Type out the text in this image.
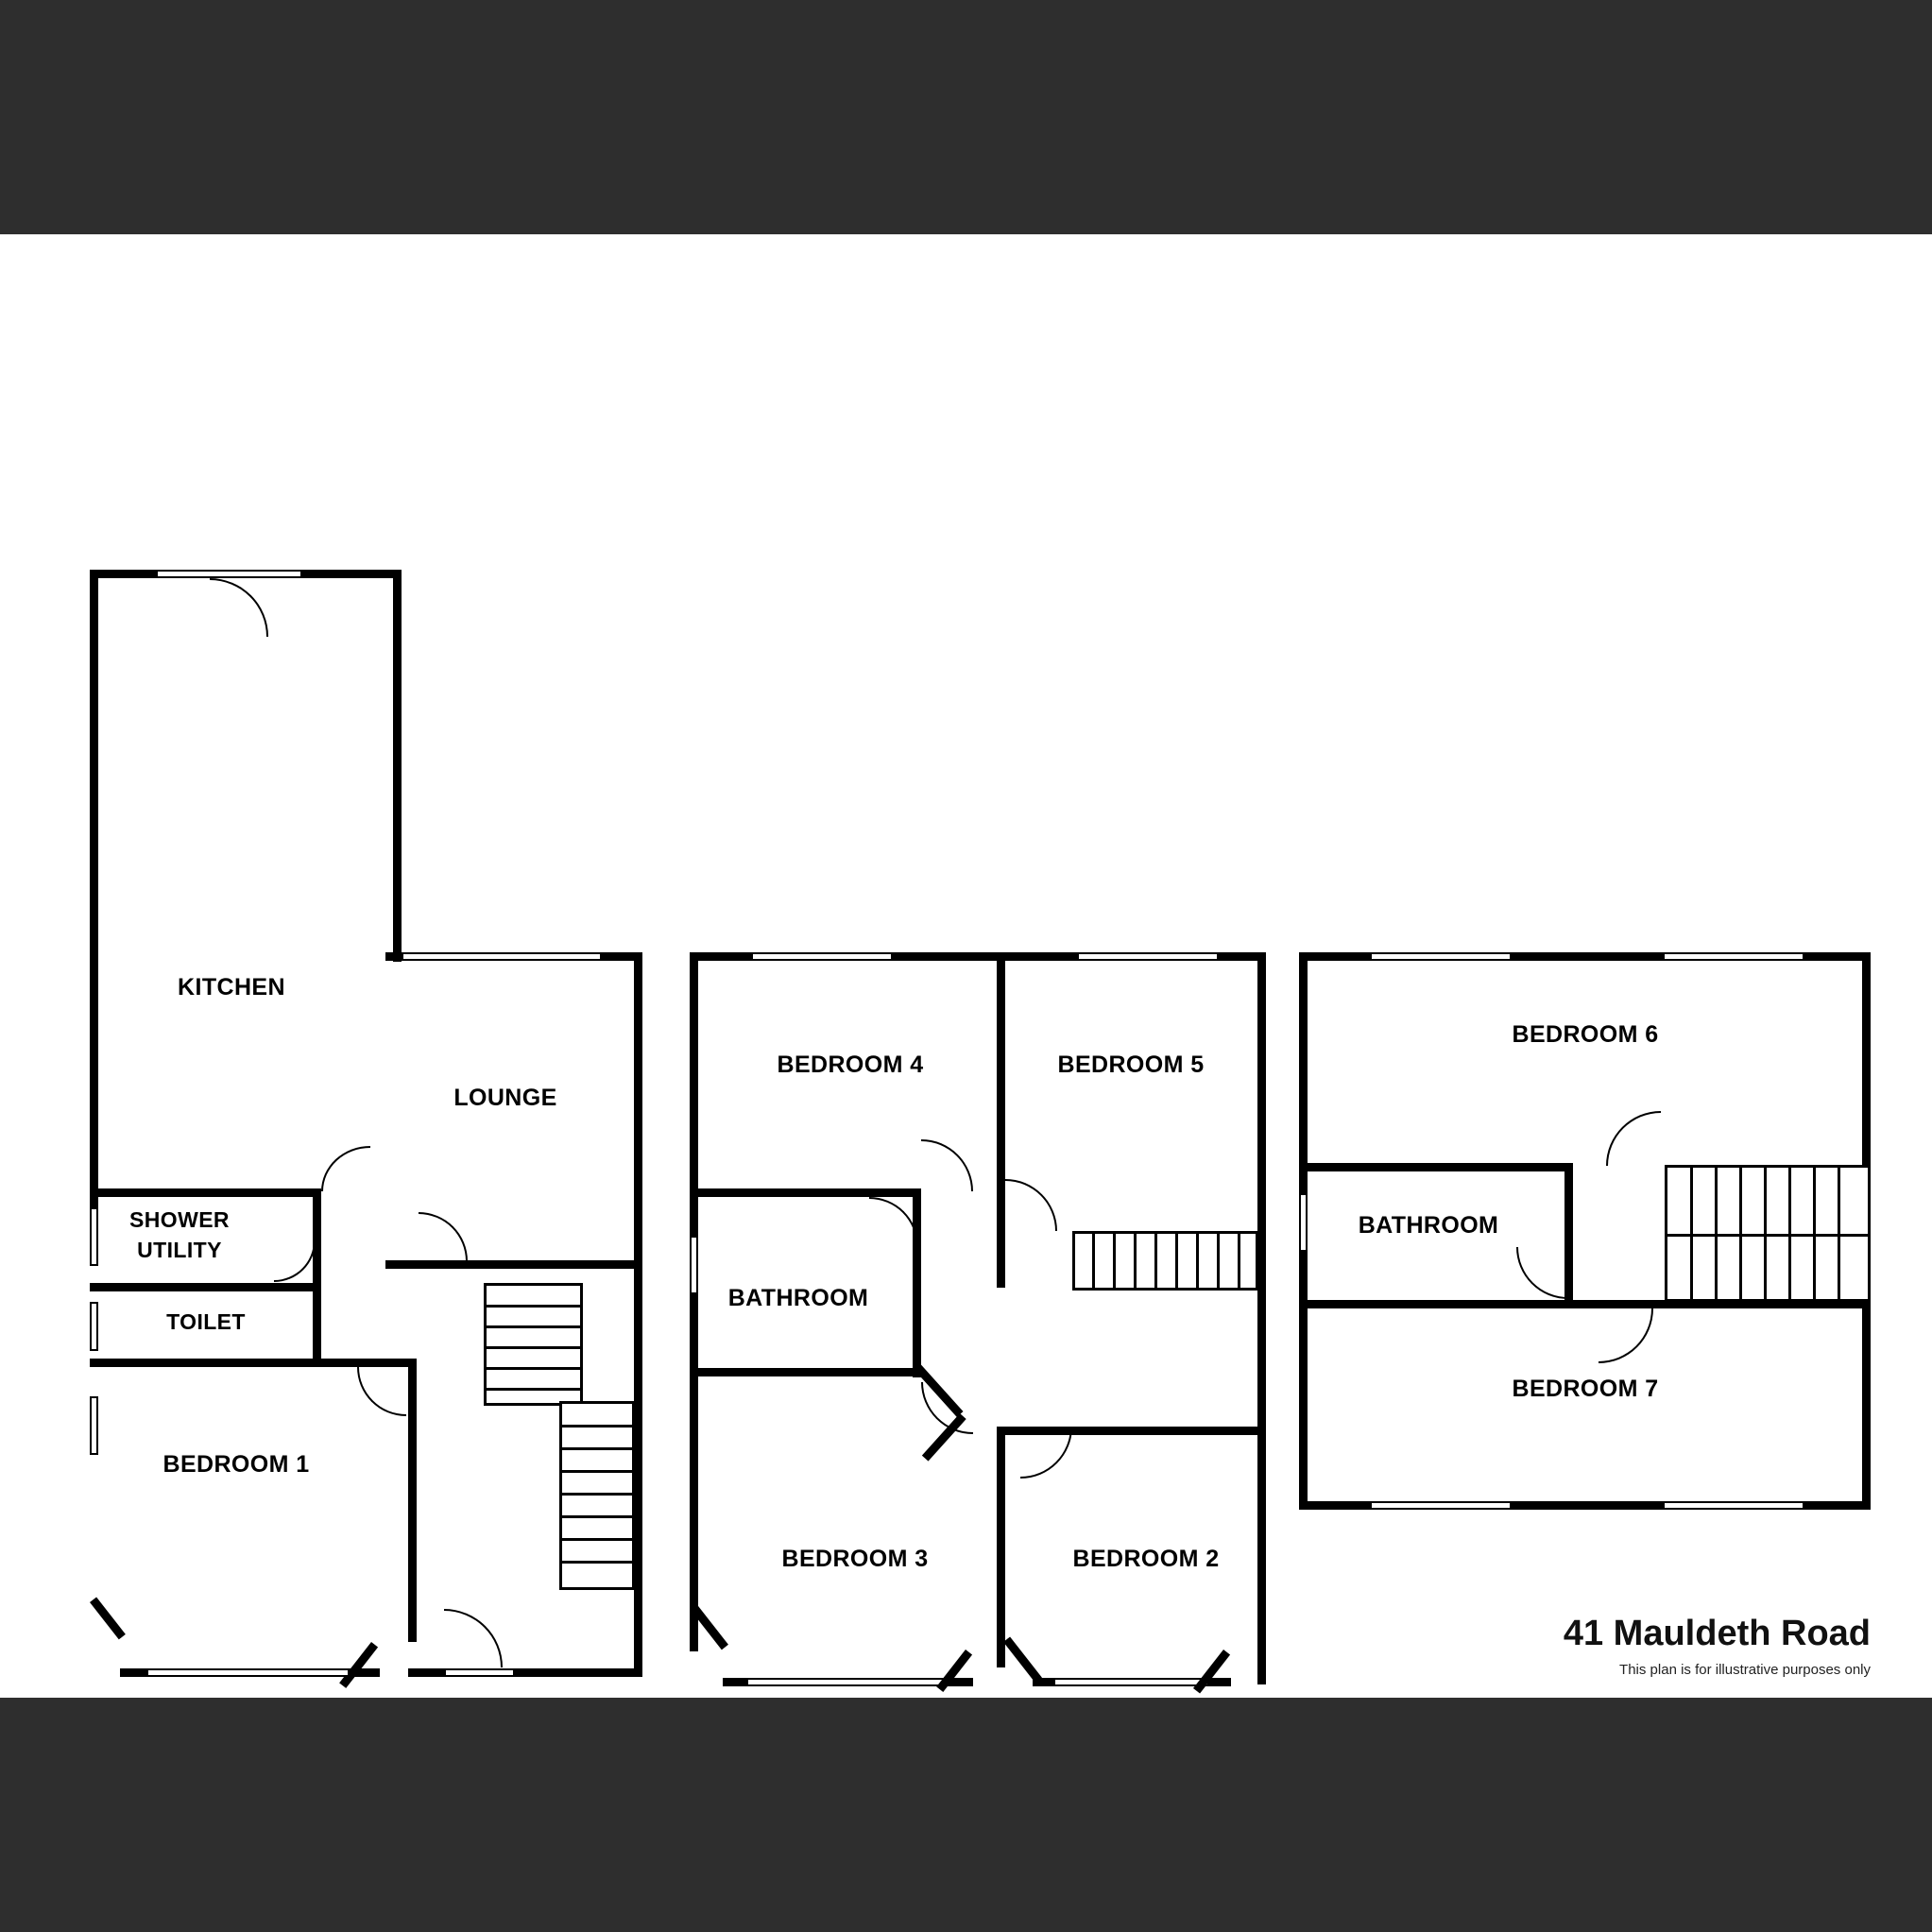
KITCHEN
LOUNGE
SHOWER
UTILITY
TOILET
BEDROOM 1
BEDROOM 4	BEDROOM 5
BATHROOM
BEDROOM 3	BEDROOM 2
BEDROOM 6
BATHROOM
BEDROOM 7
41 Mauldeth Road
This plan is for illustrative purposes only
